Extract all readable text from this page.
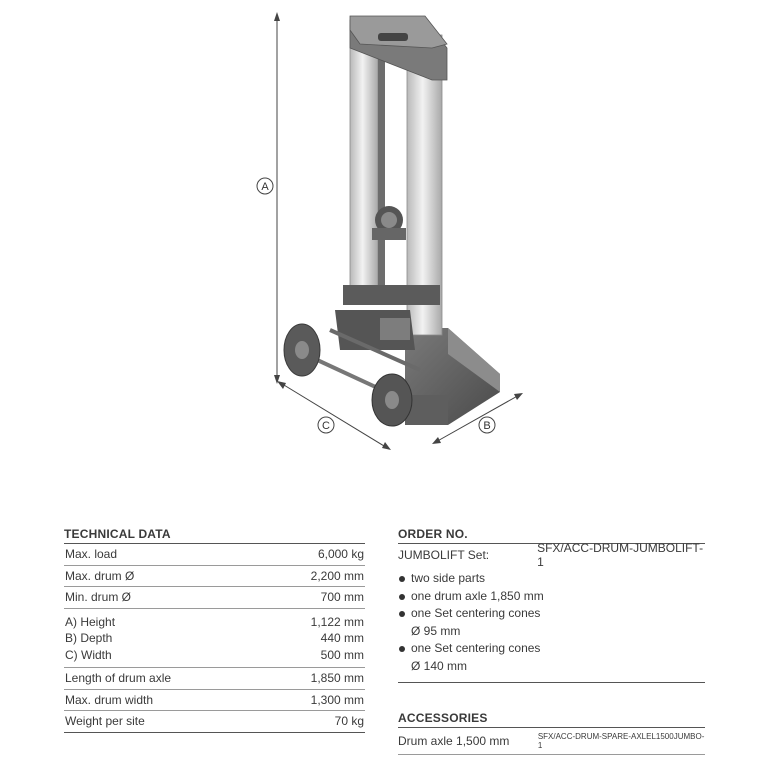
A
C	B
TECHNICAL DATA
Max. load	6,000 kg
Max. drum Ø	2,200 mm
Min. drum Ø	700 mm
A) Height	1,122 mm
B) Depth	440 mm
C) Width	500 mm
Length of drum axle	1,850 mm
Max. drum width	1,300 mm
Weight per site	70 kg
ORDER NO.
JUMBOLIFT Set:	SFX/ACC-DRUM-JUMBOLIFT-1
two side parts
one drum axle 1,850 mm
one Set centering cones
Ø 95 mm
one Set centering cones
Ø 140 mm
ACCESSORIES
Drum axle 1,500 mm	SFX/ACC-DRUM-SPARE-AXLEL1500JUMBO-1
